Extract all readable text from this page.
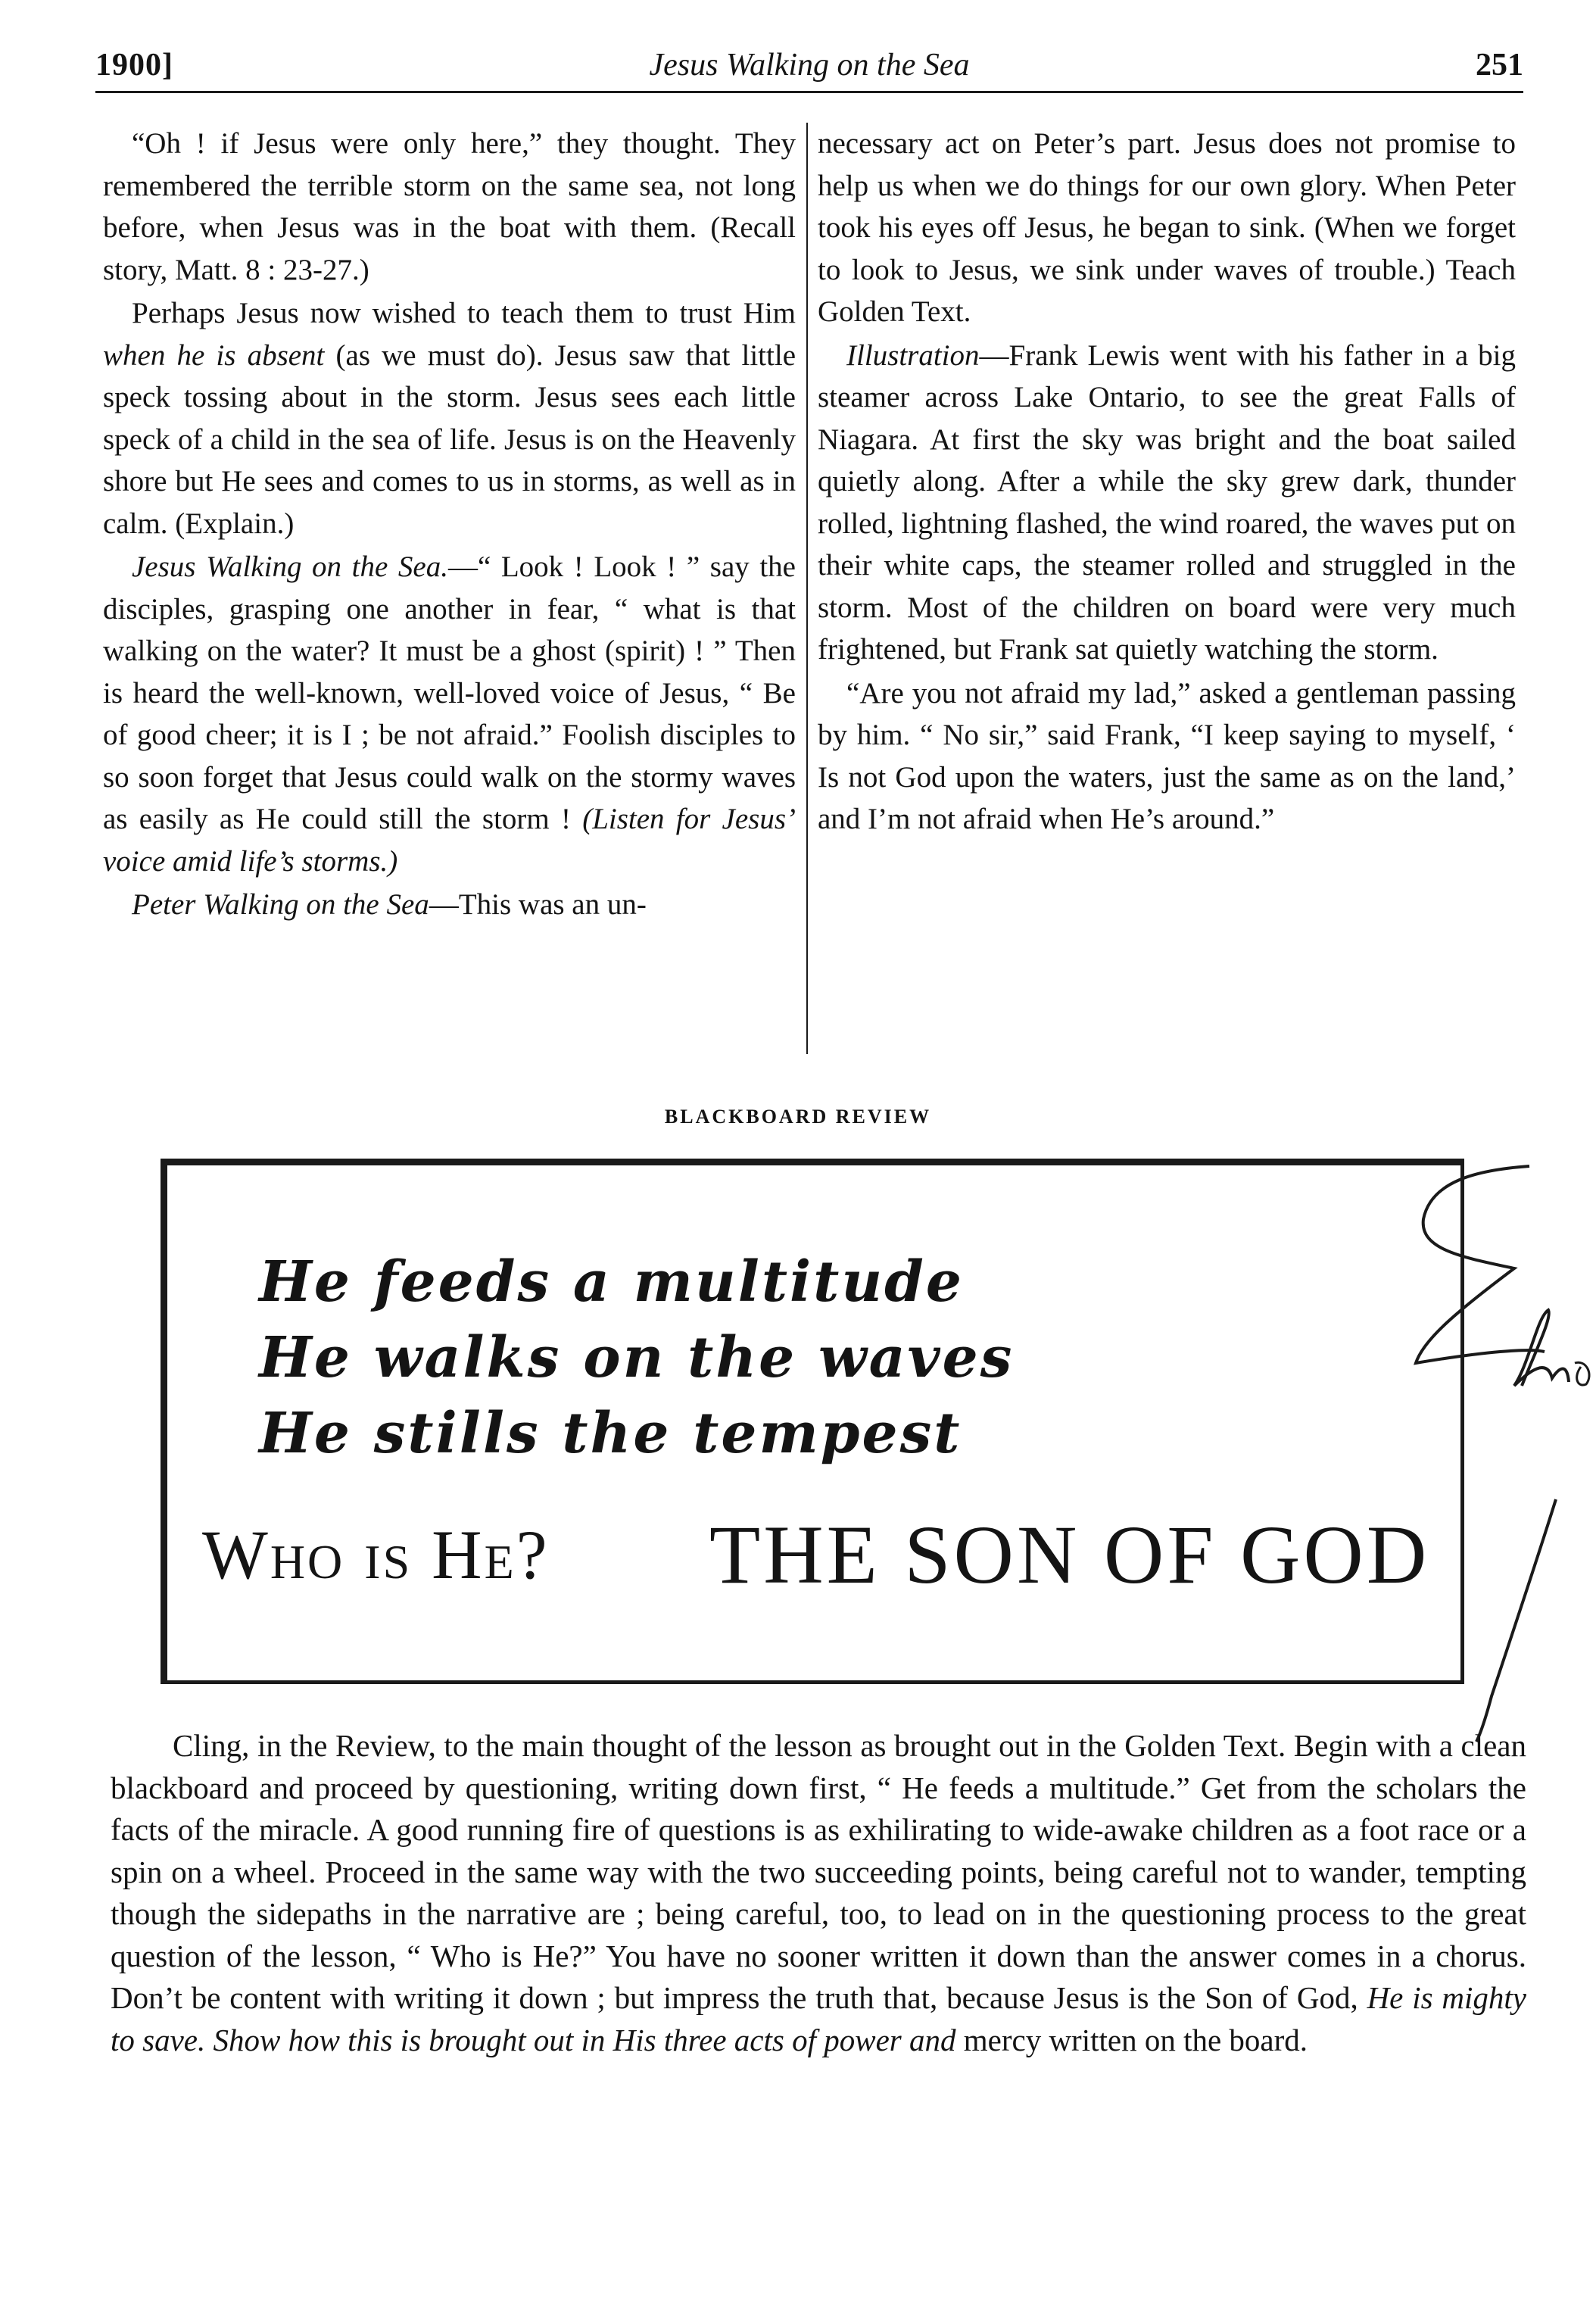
1900]	Jesus Walking on the Sea	251

“Oh ! if Jesus were only here,” they thought. They remembered the terrible storm on the same sea, not long before, when Jesus was in the boat with them. (Recall story, Matt. 8 : 23-27.)

Perhaps Jesus now wished to teach them to trust Him when he is absent (as we must do). Jesus saw that little speck tossing about in the storm. Jesus sees each little speck of a child in the sea of life. Jesus is on the Heavenly shore but He sees and comes to us in storms, as well as in calm. (Explain.)

Jesus Walking on the Sea.—“ Look ! Look ! ” say the disciples, grasping one another in fear, “ what is that walking on the water? It must be a ghost (spirit) ! ” Then is heard the well-known, well-loved voice of Jesus, “ Be of good cheer; it is I ; be not afraid.” Foolish disciples to so soon forget that Jesus could walk on the stormy waves as easily as He could still the storm ! (Listen for Jesus’ voice amid life’s storms.)

Peter Walking on the Sea—This was an un-

necessary act on Peter’s part. Jesus does not promise to help us when we do things for our own glory. When Peter took his eyes off Jesus, he began to sink. (When we forget to look to Jesus, we sink under waves of trouble.) Teach Golden Text.

Illustration—Frank Lewis went with his father in a big steamer across Lake Ontario, to see the great Falls of Niagara. At first the sky was bright and the boat sailed quietly along. After a while the sky grew dark, thunder rolled, lightning flashed, the wind roared, the waves put on their white caps, the steamer rolled and struggled in the storm. Most of the children on board were very much frightened, but Frank sat quietly watching the storm.

“Are you not afraid my lad,” asked a gentleman passing by him. “ No sir,” said Frank, “I keep saying to myself, ‘ Is not God upon the waters, just the same as on the land,’ and I’m not afraid when He’s around.”

BLACKBOARD REVIEW
He feeds a multitude
He walks on the waves
He stills the tempest
Who is He? THE SON OF GOD

Cling, in the Review, to the main thought of the lesson as brought out in the Golden Text. Begin with a clean blackboard and proceed by questioning, writing down first, “ He feeds a multitude.” Get from the scholars the facts of the miracle. A good running fire of questions is as exhilirating to wide-awake children as a foot race or a spin on a wheel. Proceed in the same way with the two succeeding points, being careful not to wander, tempting though the sidepaths in the narrative are ; being careful, too, to lead on in the questioning process to the great question of the lesson, “ Who is He?” You have no sooner written it down than the answer comes in a chorus. Don’t be content with writing it down ; but impress the truth that, because Jesus is the Son of God, He is mighty to save. Show how this is brought out in His three acts of power and mercy written on the board.
